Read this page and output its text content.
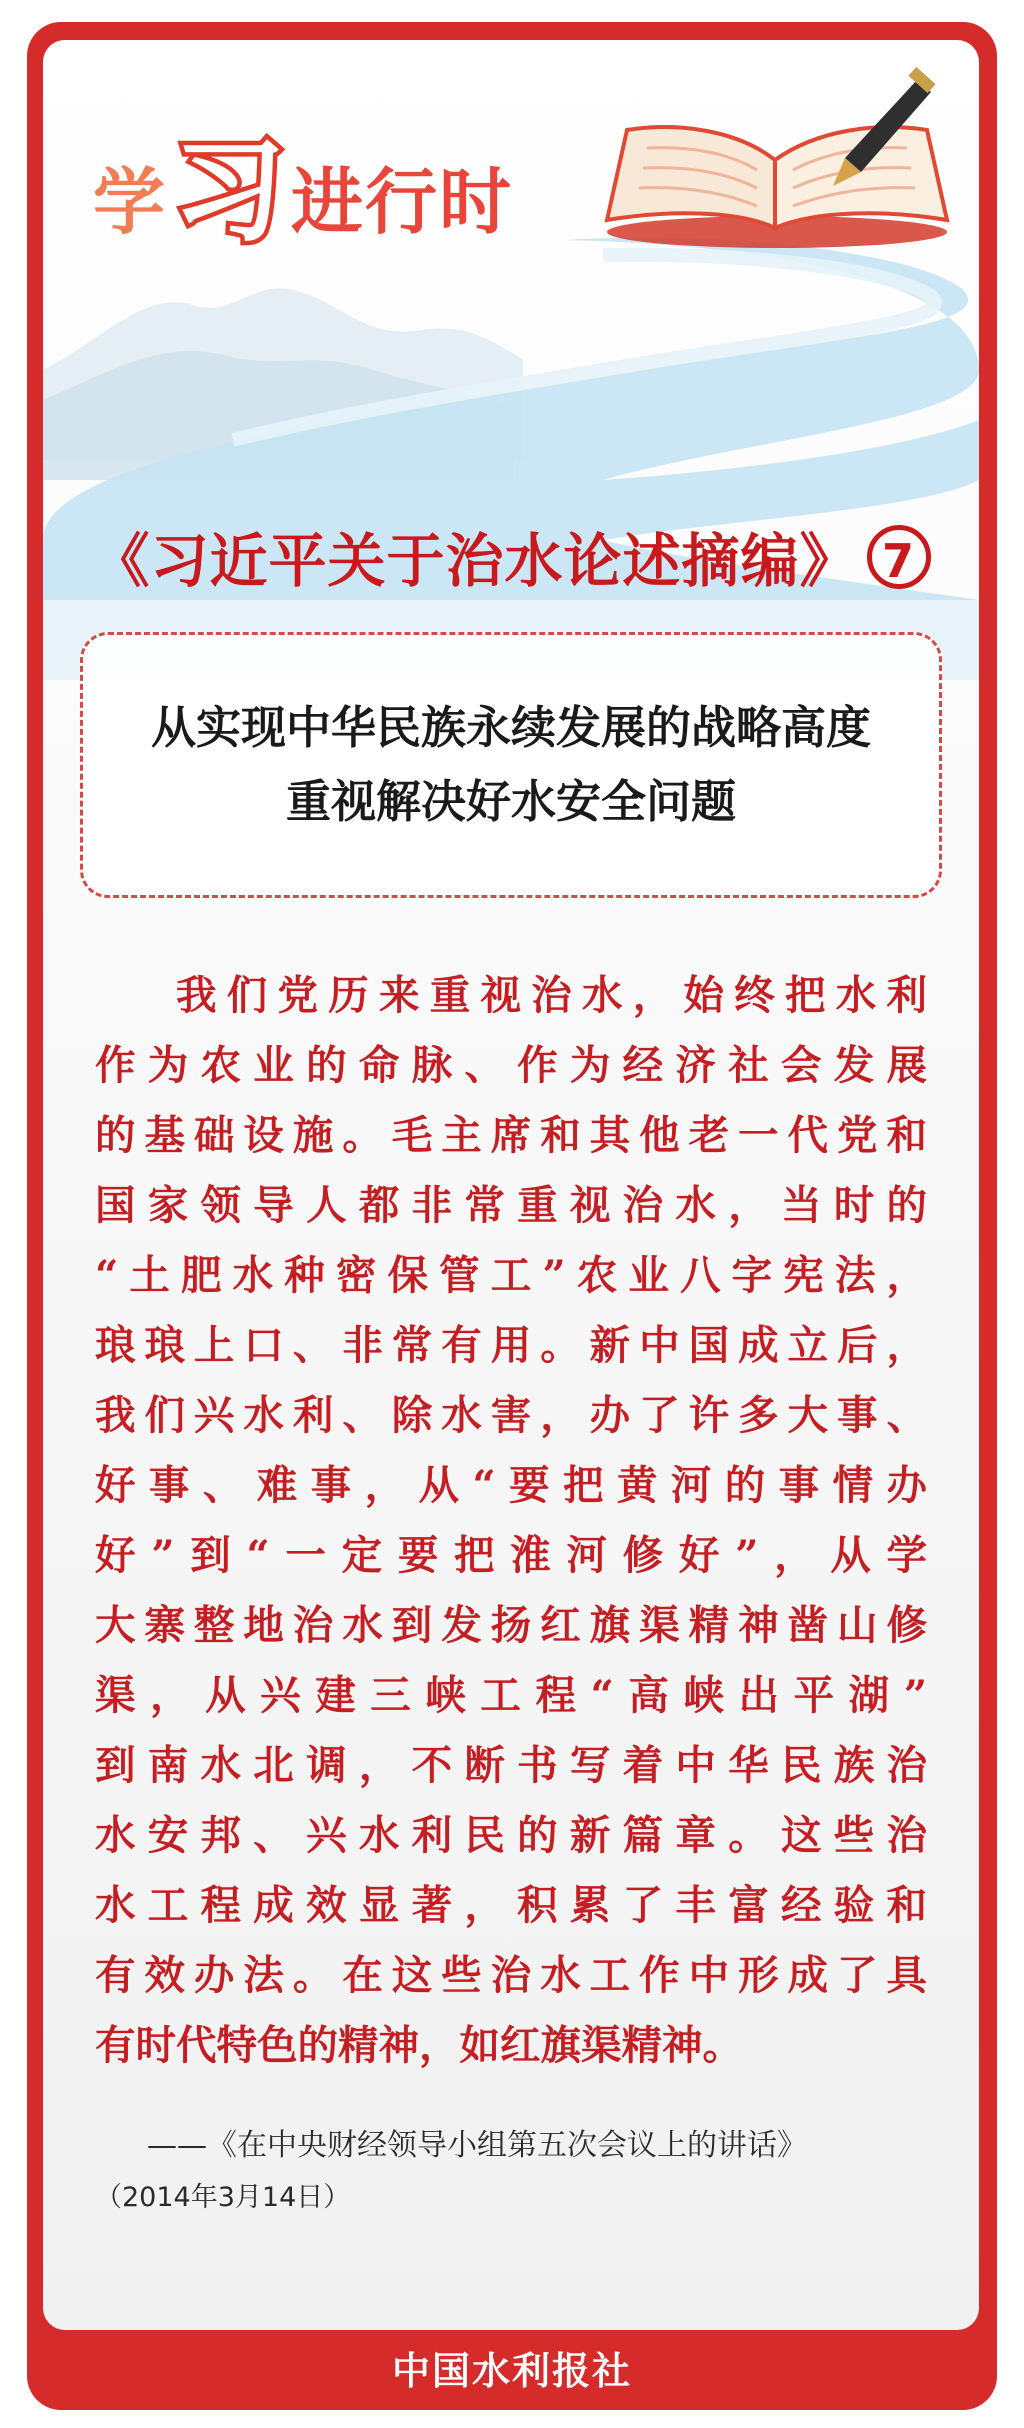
学 习 进行时
《习近平关于治水论述摘编》 7
从实现中华民族永续发展的战略高度
重视解决好水安全问题
我们党历来重视治水，始终把水利
作为农业的命脉、作为经济社会发展
的基础设施。毛主席和其他老一代党和
国家领导人都非常重视治水，当时的
“土肥水种密保管工”农业八字宪法，
琅琅上口、非常有用。新中国成立后，
我们兴水利、除水害，办了许多大事、
好事、难事，从“要把黄河的事情办
好”到“一定要把淮河修好”，从学
大寨整地治水到发扬红旗渠精神凿山修
渠，从兴建三峡工程“高峡出平湖”
到南水北调，不断书写着中华民族治
水安邦、兴水利民的新篇章。这些治
水工程成效显著，积累了丰富经验和
有效办法。在这些治水工作中形成了具
有时代特色的精神，如红旗渠精神。
——《在中央财经领导小组第五次会议上的讲话》
（2014年3月14日）
中国水利报社
